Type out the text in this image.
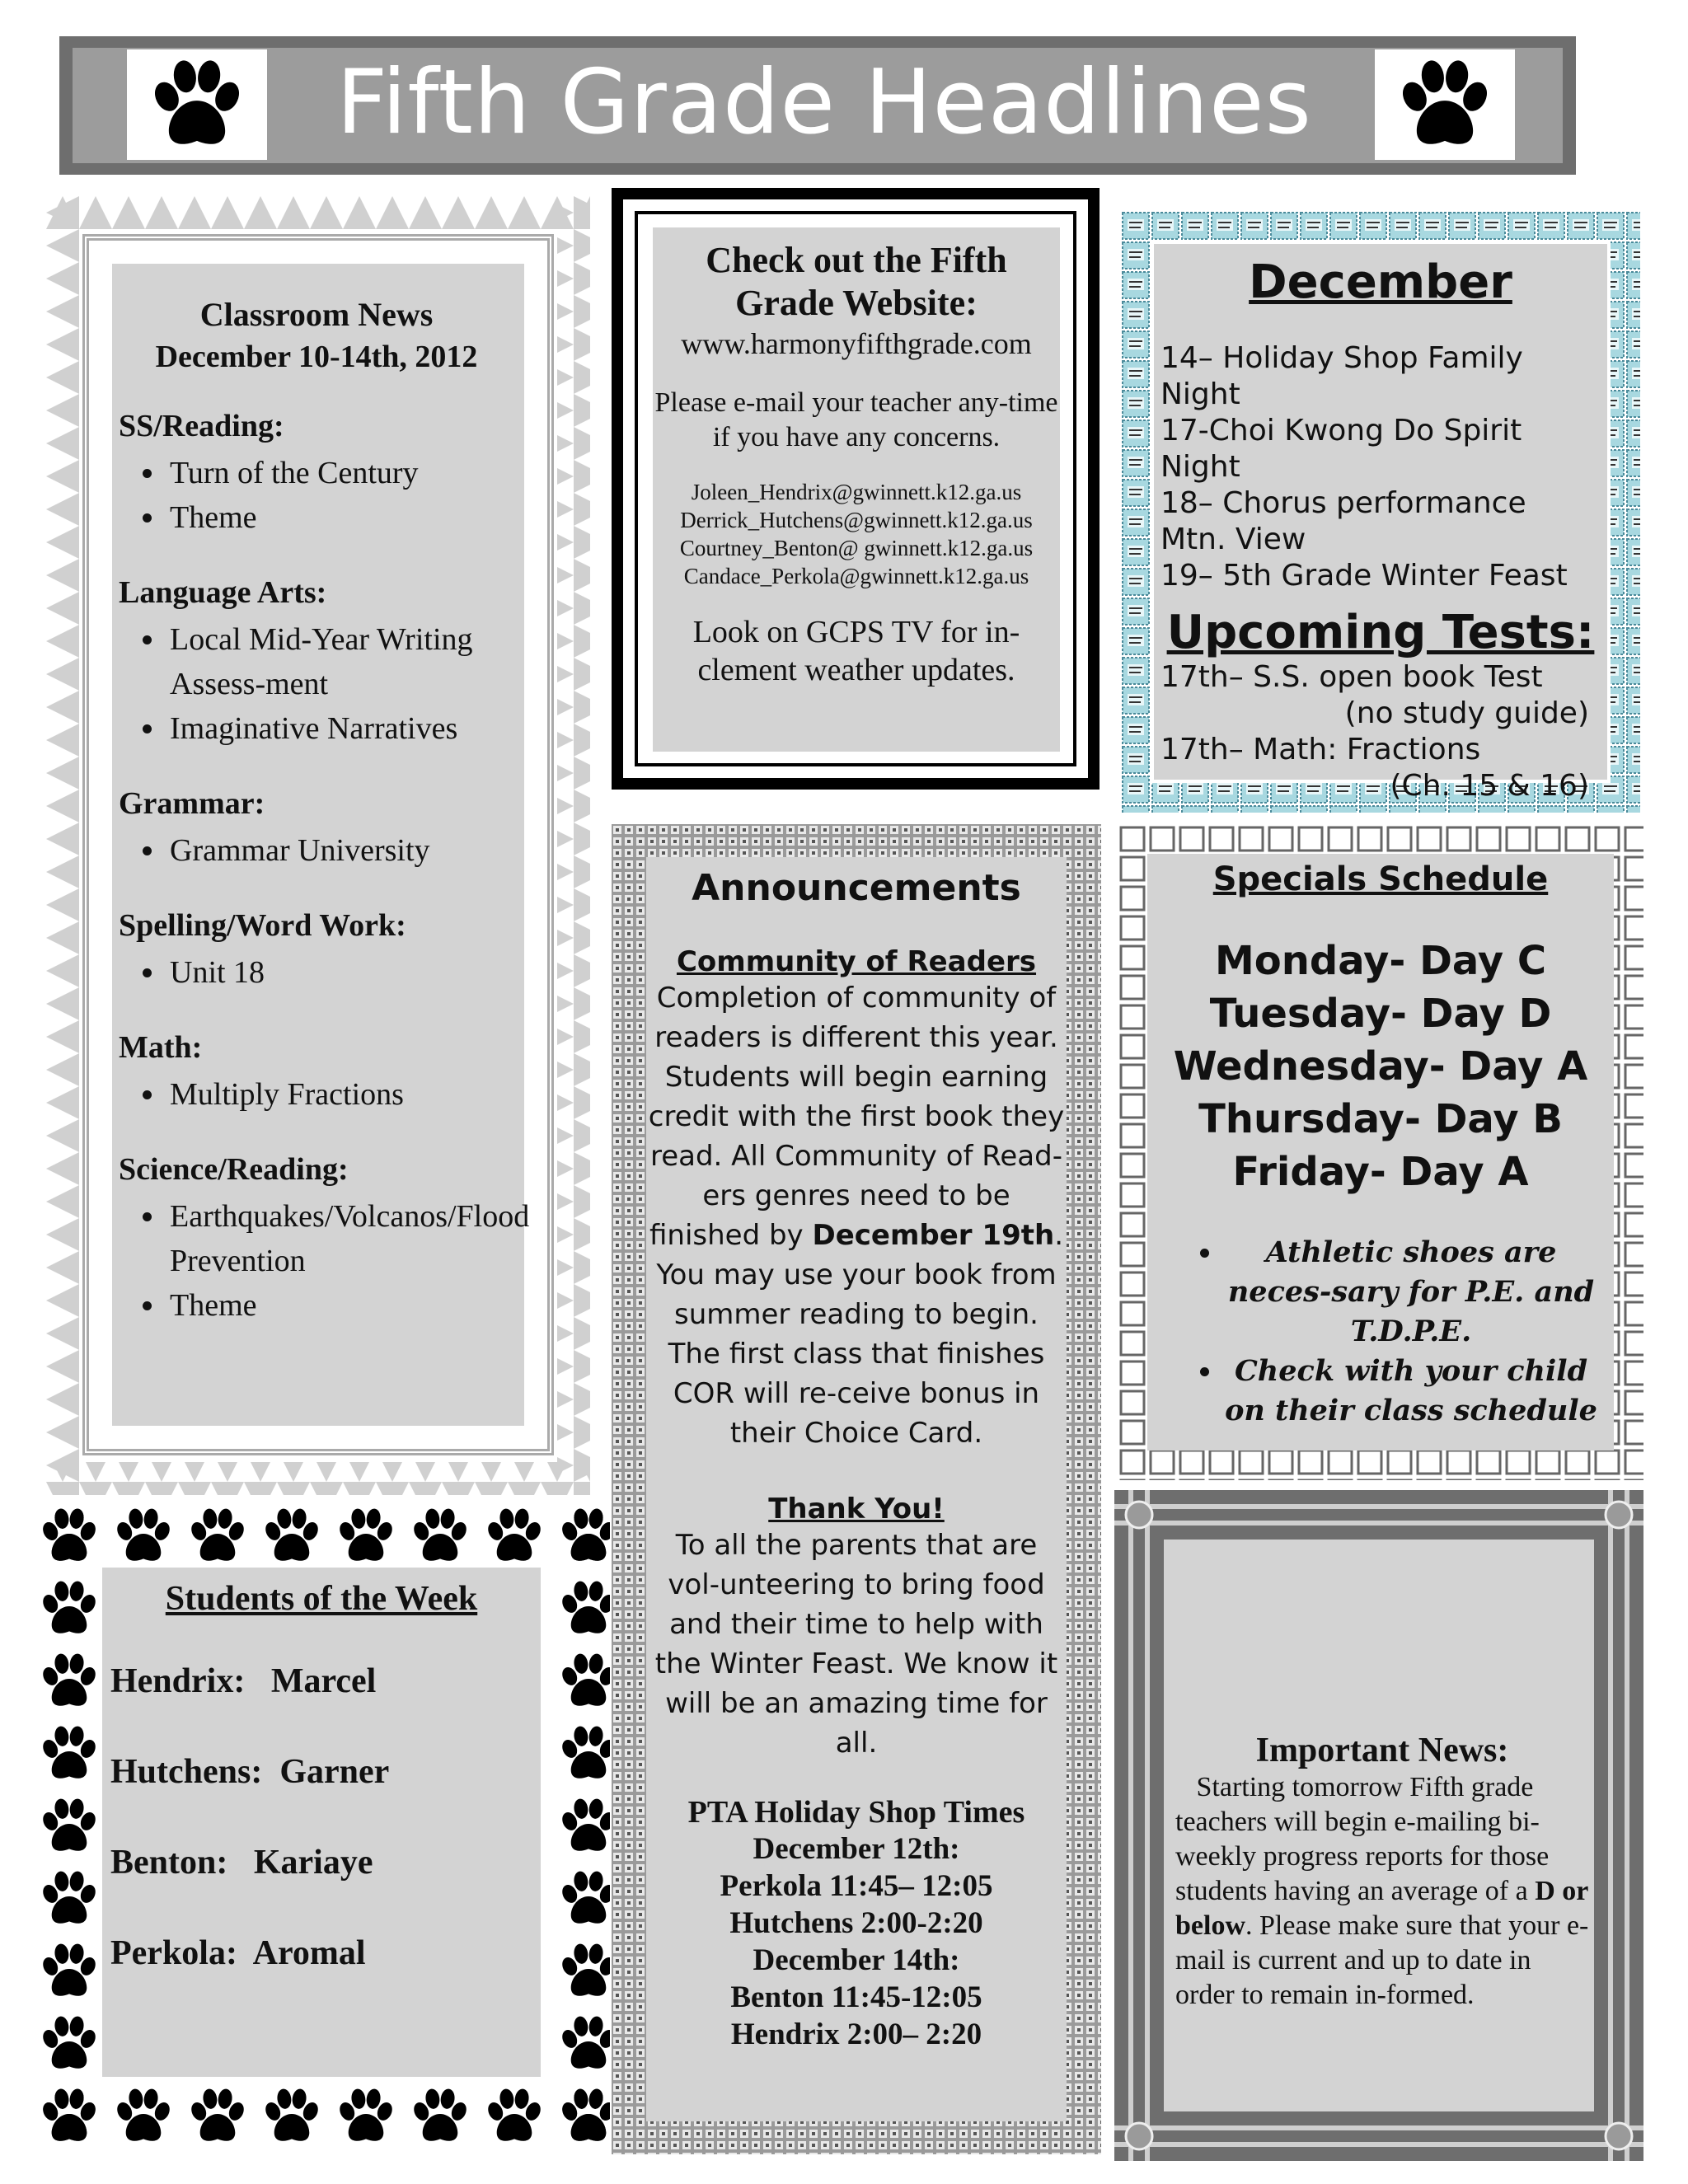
Fifth Grade Headlines
Classroom News
December 10-14th, 2012
SS/Reading:
• Turn of the Century
• Theme
Language Arts:
• Local Mid-Year Writing Assess-ment
• Imaginative Narratives
Grammar:
• Grammar University
Spelling/Word Work:
• Unit 18
Math:
• Multiply Fractions
Science/Reading:
• Earthquakes/Volcanos/Flood Prevention
• Theme
Check out the Fifth
Grade Website:
www.harmonyfifthgrade.com
Please e-mail your teacher any-time if you have any concerns.
Joleen_Hendrix@gwinnett.k12.ga.us
Derrick_Hutchens@gwinnett.k12.ga.us
Courtney_Benton@ gwinnett.k12.ga.us
Candace_Perkola@gwinnett.k12.ga.us
Look on GCPS TV for in-clement weather updates.
December
14– Holiday Shop Family Night
17-Choi Kwong Do Spirit Night
18– Chorus performance Mtn. View
19– 5th Grade Winter Feast
Upcoming Tests:
17th– S.S. open book Test
(no study guide)
17th– Math: Fractions
(Ch. 15 & 16)
Announcements
Community of Readers
Completion of community of readers is different this year. Students will begin earning credit with the first book they read. All Community of Read-ers genres need to be finished by December 19th. You may use your book from summer reading to begin. The first class that finishes COR will re-ceive bonus in their Choice Card.
Thank You!
To all the parents that are vol-unteering to bring food and their time to help with the Winter Feast. We know it will be an amazing time for all.
PTA Holiday Shop Times
December 12th:
Perkola 11:45– 12:05
Hutchens 2:00-2:20
December 14th:
Benton 11:45-12:05
Hendrix 2:00– 2:20
Specials Schedule
Monday- Day C
Tuesday- Day D
Wednesday- Day A
Thursday- Day B
Friday- Day A
• Athletic shoes are neces-sary for P.E. and T.D.P.E.
• Check with your child on their class schedule
Students of the Week
Hendrix: Marcel
Hutchens: Garner
Benton: Kariaye
Perkola: Aromal
Important News:
Starting tomorrow Fifth grade teachers will begin e-mailing bi-weekly progress reports for those students having an average of a D or below. Please make sure that your e-mail is current and up to date in order to remain in-formed.
